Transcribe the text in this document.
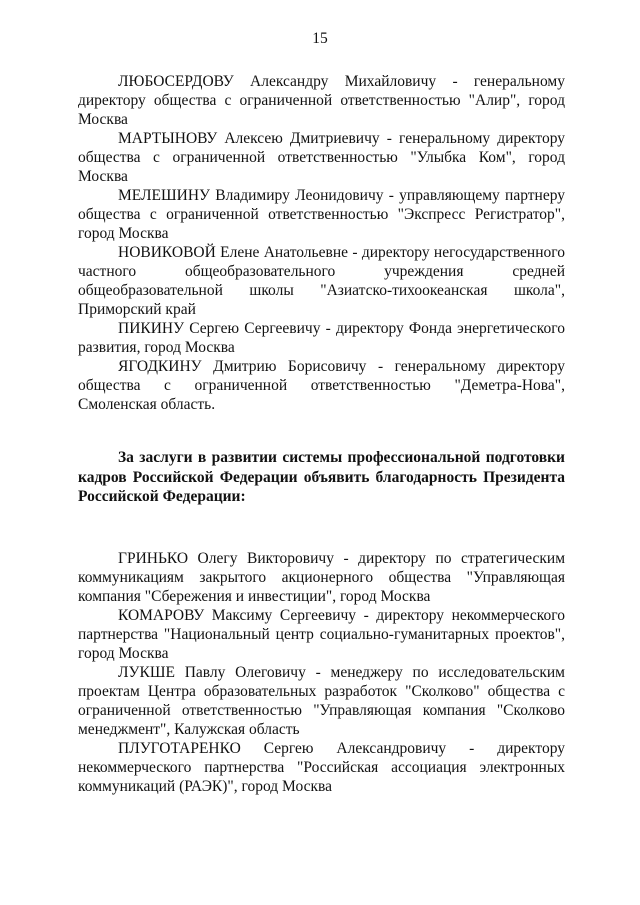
15

ЛЮБОСЕРДОВУ Александру Михайловичу - генеральному директору общества с ограниченной ответственностью "Алир", город Москва

МАРТЫНОВУ Алексею Дмитриевичу - генеральному директору общества с ограниченной ответственностью "Улыбка Ком", город Москва

МЕЛЕШИНУ Владимиру Леонидовичу - управляющему партнеру общества с ограниченной ответственностью "Экспресс Регистратор", город Москва

НОВИКОВОЙ Елене Анатольевне - директору негосударственного частного общеобразовательного учреждения средней общеобразовательной школы "Азиатско-тихоокеанская школа", Приморский край

ПИКИНУ Сергею Сергеевичу - директору Фонда энергетического развития, город Москва

ЯГОДКИНУ Дмитрию Борисовичу - генеральному директору общества с ограниченной ответственностью "Деметра-Нова", Смоленская область.

За заслуги в развитии системы профессиональной подготовки кадров Российской Федерации объявить благодарность Президента Российской Федерации:

ГРИНЬКО Олегу Викторовичу - директору по стратегическим коммуникациям закрытого акционерного общества "Управляющая компания "Сбережения и инвестиции", город Москва

КОМАРОВУ Максиму Сергеевичу - директору некоммерческого партнерства "Национальный центр социально-гуманитарных проектов", город Москва

ЛУКШЕ Павлу Олеговичу - менеджеру по исследовательским проектам Центра образовательных разработок "Сколково" общества с ограниченной ответственностью "Управляющая компания "Сколково менеджмент", Калужская область

ПЛУГОТАРЕНКО Сергею Александровичу - директору некоммерческого партнерства "Российская ассоциация электронных коммуникаций (РАЭК)", город Москва
